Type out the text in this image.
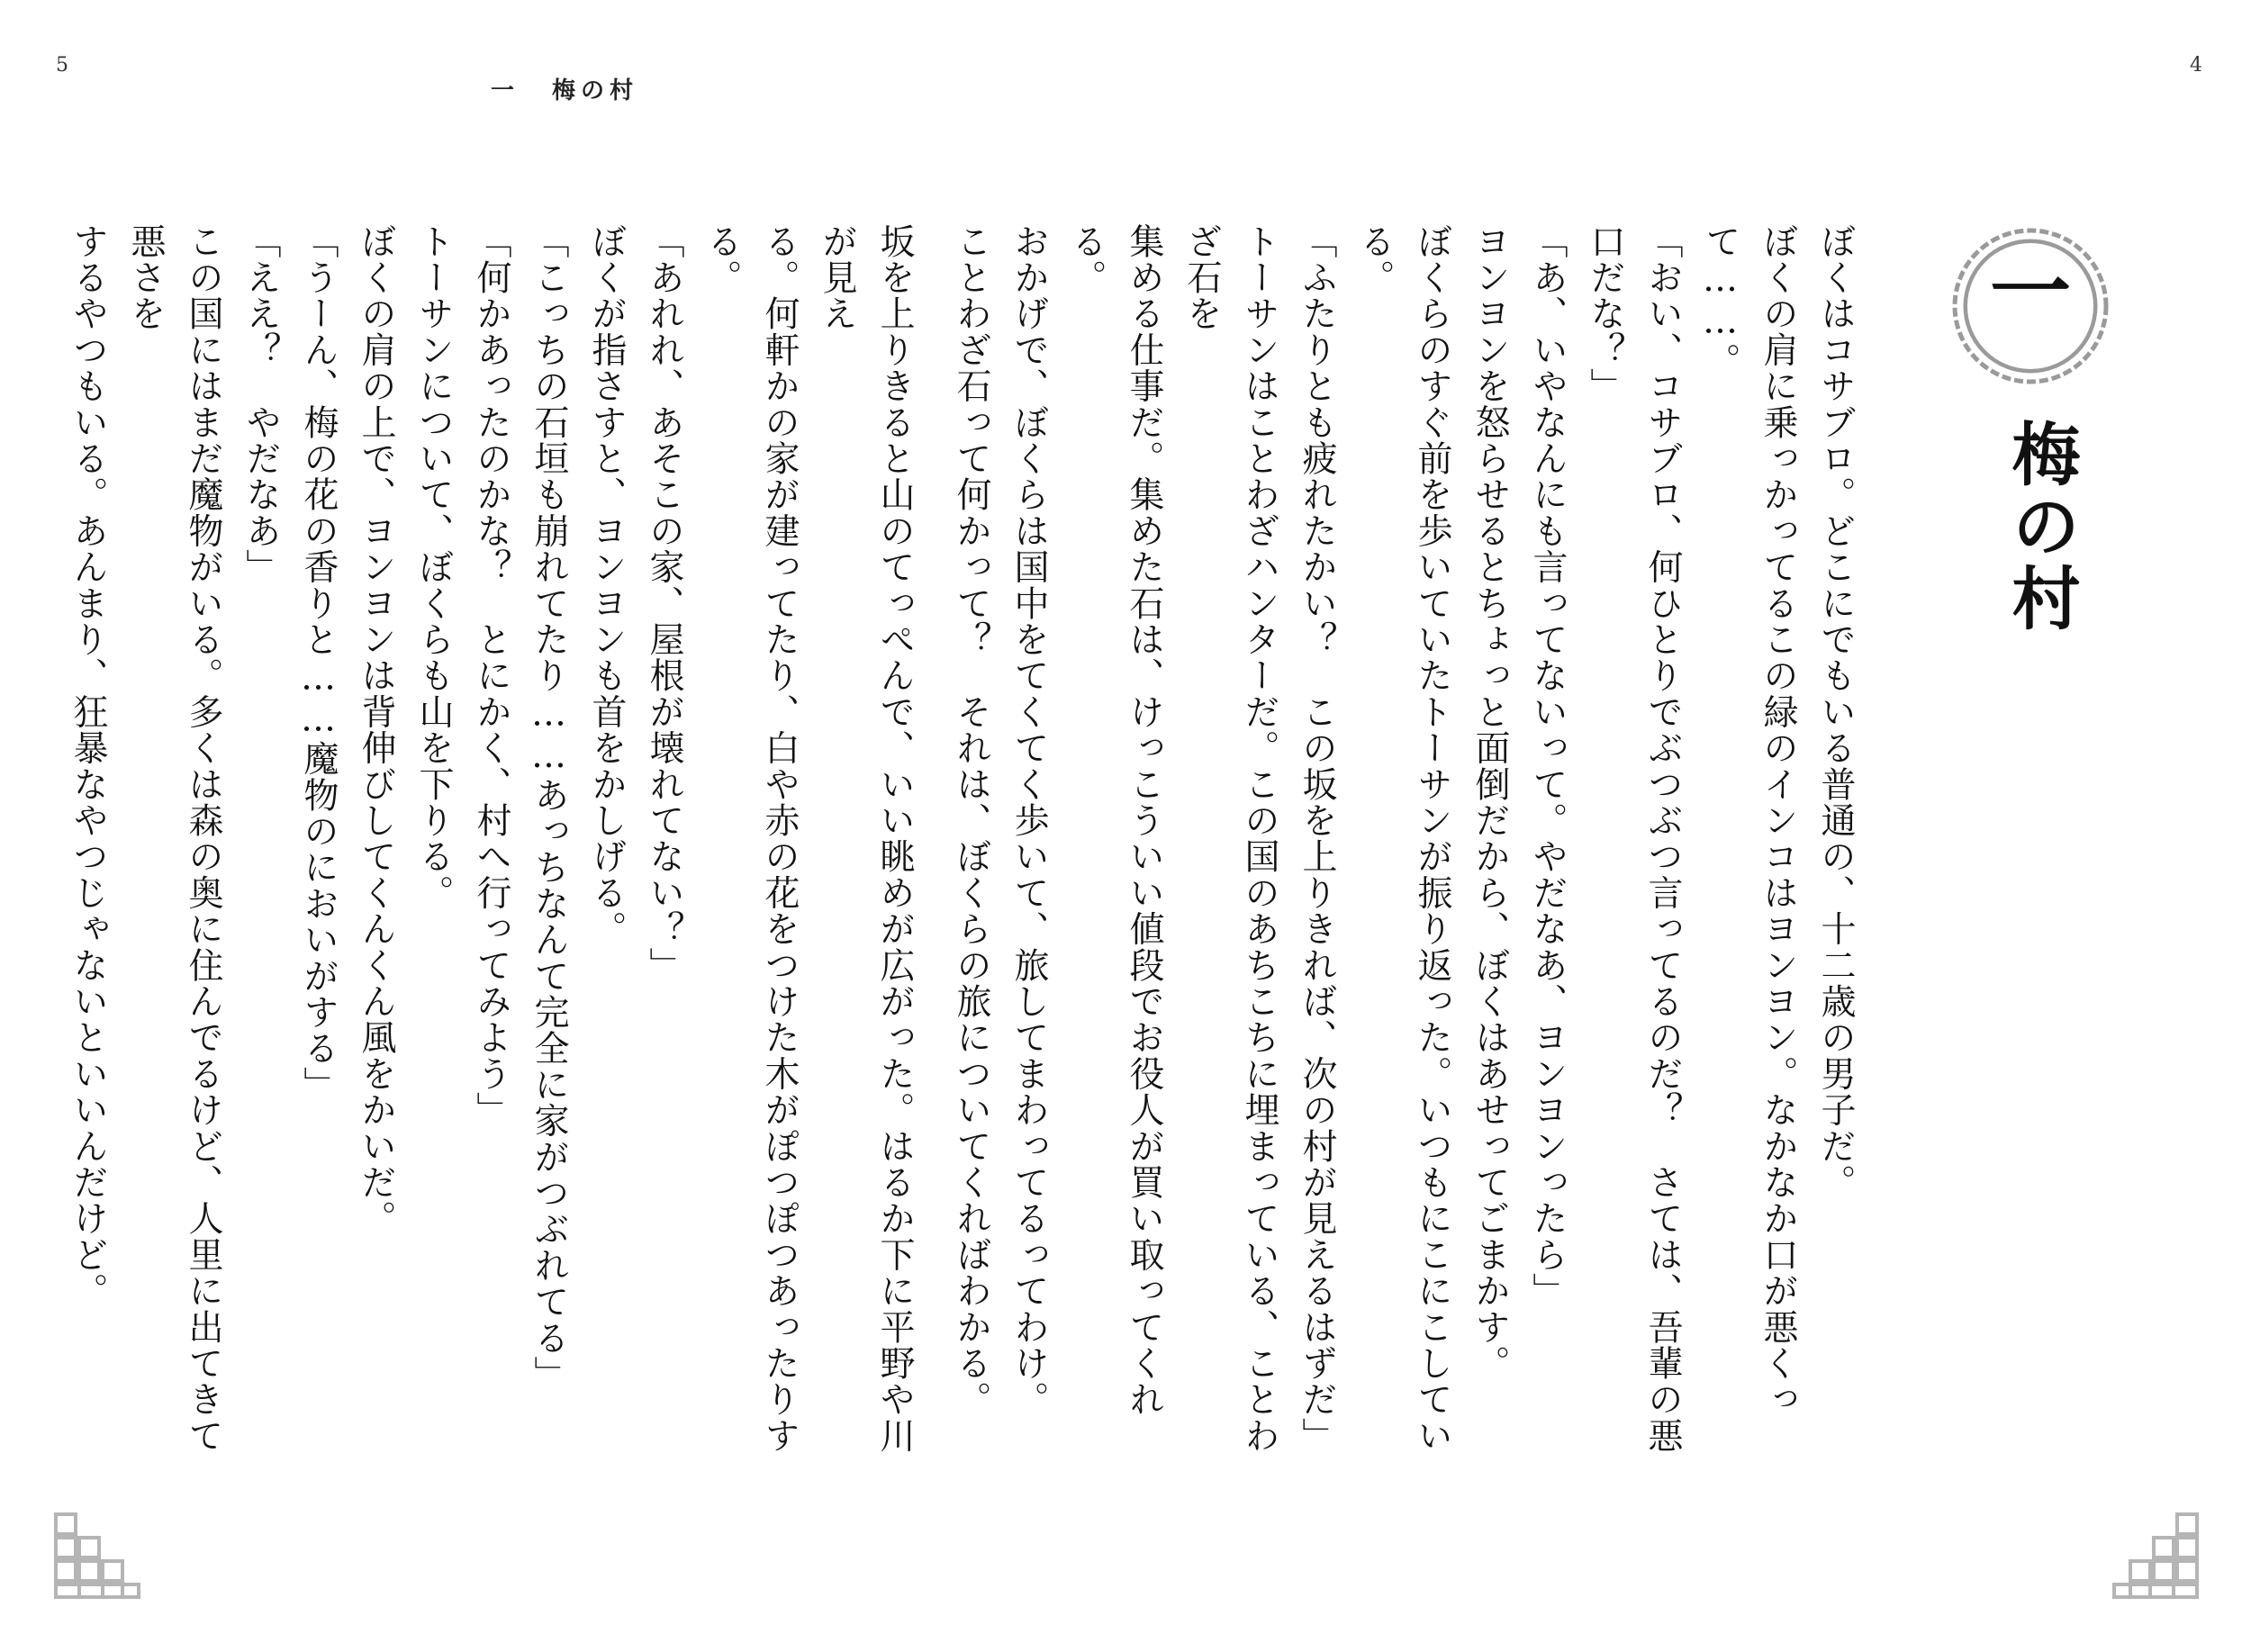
5	4
一 梅の村

坂を上りきると山のてっぺんで、いい眺めが広がった。はるか下に平野や川が見え

る。何軒かの家が建ってたり、白や赤の花をつけた木がぽつぽつあったりする。

「あれれ、あそこの家、屋根が壊れてない？」

ぼくが指さすと、ヨンヨンも首をかしげる。

「こっちの石垣も崩れてたり……あっちなんて完全に家がつぶれてる」

「何かあったのかな？　とにかく、村へ行ってみよう」

トーサンについて、ぼくらも山を下りる。

ぼくの肩の上で、ヨンヨンは背伸びしてくんくん風をかいだ。

「うーん、梅の花の香りと……魔物のにおいがする」

「ええ？　やだなあ」

この国にはまだ魔物がいる。多くは森の奥に住んでるけど、人里に出てきて悪さを

するやつもいる。あんまり、狂暴なやつじゃないといいんだけど。

　	一
梅の村

ぼくはコサブロ。どこにでもいる普通の、十二歳の男子だ。

ぼくの肩に乗っかってるこの緑のインコはヨンヨン。なかなか口が悪くって……。

「おい、コサブロ、何ひとりでぶつぶつ言ってるのだ？　さては、吾輩の悪口だな？」

「あ、いやなんにも言ってないって。やだなあ、ヨンヨンったら」

ヨンヨンを怒らせるとちょっと面倒だから、ぼくはあせってごまかす。

ぼくらのすぐ前を歩いていたトーサンが振り返った。いつもにこにこしている。

「ふたりとも疲れたかい？　この坂を上りきれば、次の村が見えるはずだ」

トーサンはことわざハンターだ。この国のあちこちに埋まっている、ことわざ石を

集める仕事だ。集めた石は、けっこういい値段でお役人が買い取ってくれる。

おかげで、ぼくらは国中をてくてく歩いて、旅してまわってるってわけ。

ことわざ石って何かって？　それは、ぼくらの旅についてくればわかる。
